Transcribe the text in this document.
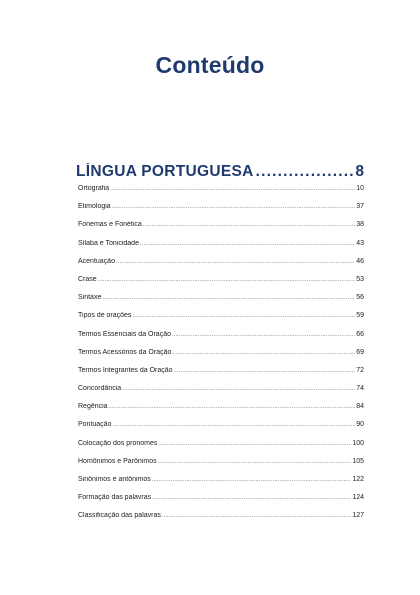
Conteúdo
LÍNGUA PORTUGUESA .....	8
Ortografia .....	10
Etimologia .....	37
Fonemas e Fonética .....	38
Sílaba e Tonicidade .....	43
Acentuação .....	46
Crase .....	53
Sintaxe .....	56
Tipos de orações .....	59
Termos Essenciais da Oração .....	66
Termos Acessórios da Oração .....	69
Termos Integrantes da Oração .....	72
Concordância .....	74
Regência .....	84
Pontuação .....	90
Colocação dos pronomes .....	100
Homônimos e Parônimos .....	105
Sinônimos e antônimos .....	122
Formação das palavras .....	124
Classificação das palavras .....	127
